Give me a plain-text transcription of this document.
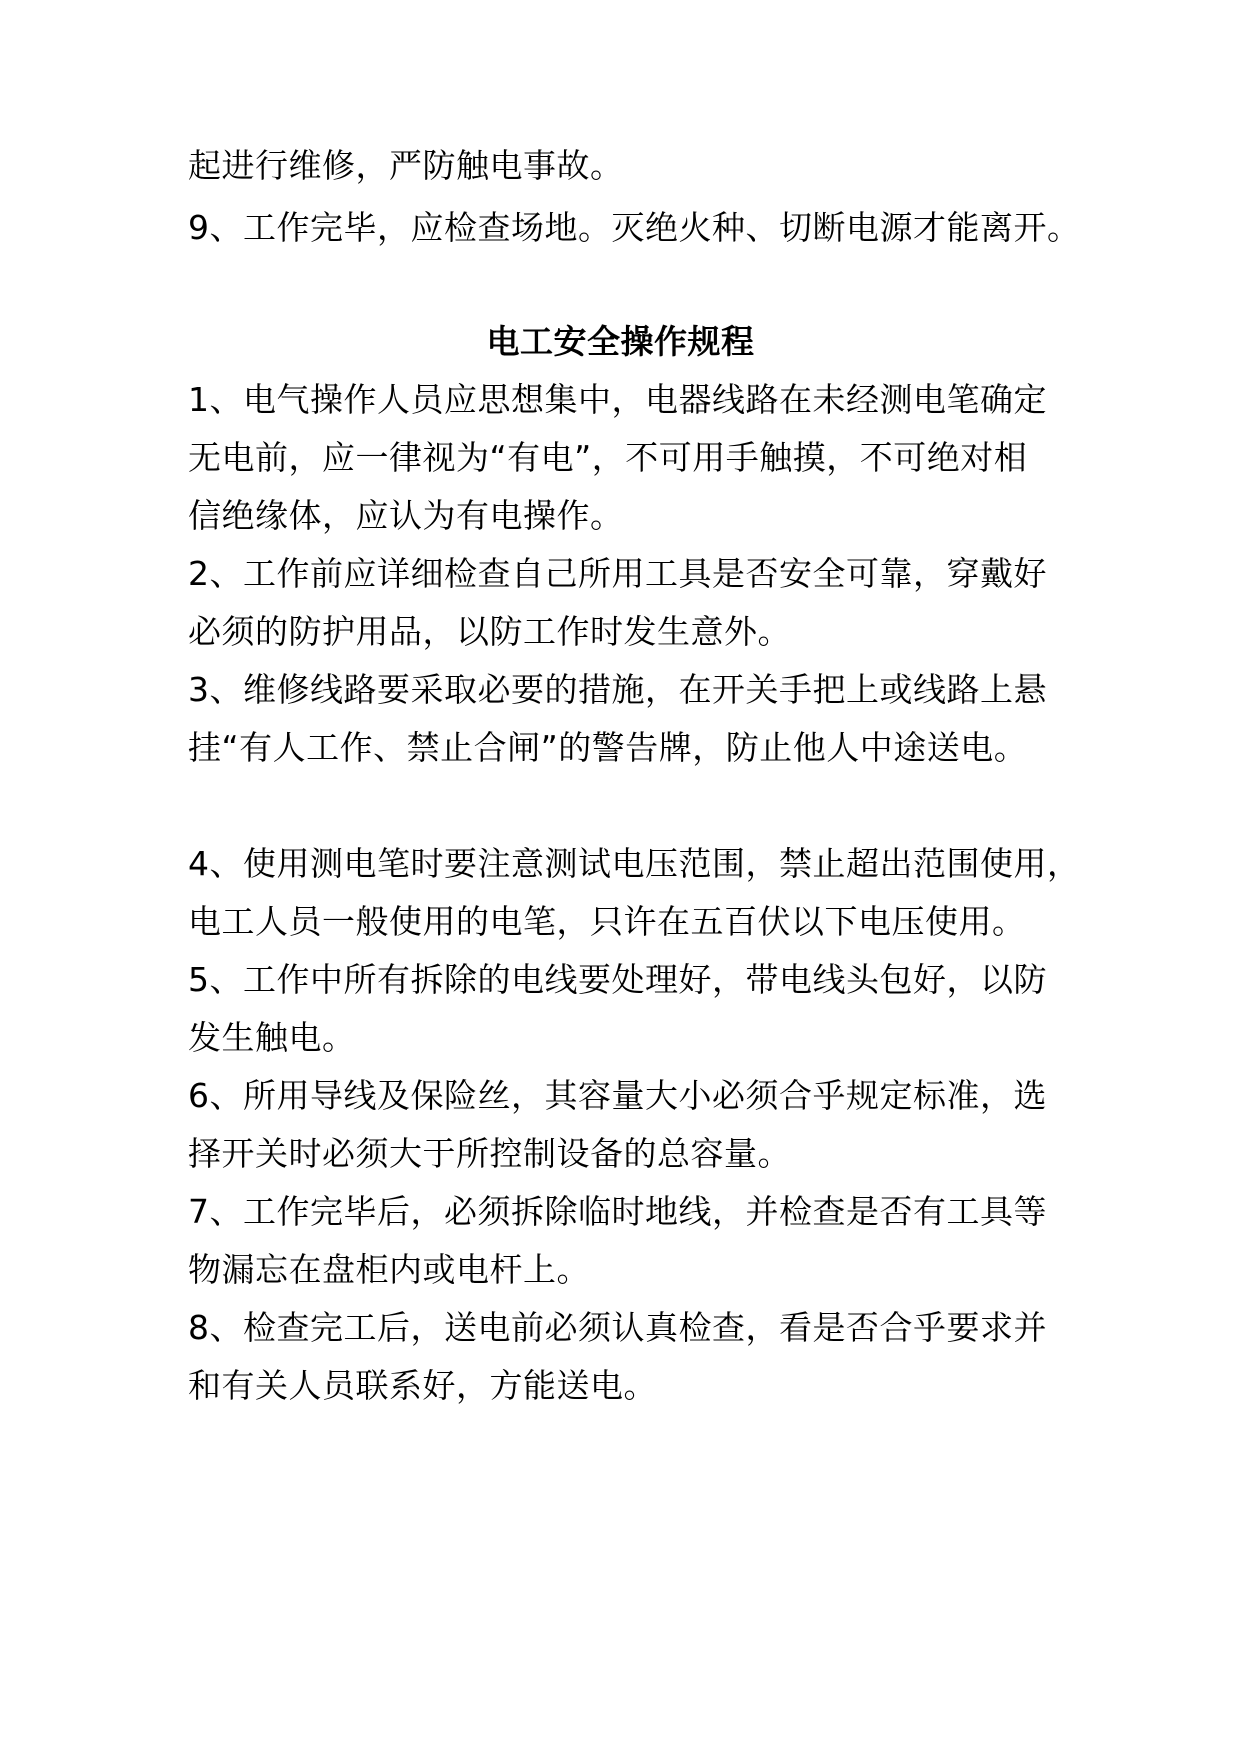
起进行维修，严防触电事故。

9、工作完毕，应检查场地。灭绝火种、切断电源才能离开。

电工安全操作规程

1、电气操作人员应思想集中，电器线路在未经测电笔确定

无电前，应一律视为“有电”，不可用手触摸，不可绝对相

信绝缘体，应认为有电操作。

2、工作前应详细检查自己所用工具是否安全可靠，穿戴好

必须的防护用品，以防工作时发生意外。

3、维修线路要采取必要的措施，在开关手把上或线路上悬

挂“有人工作、禁止合闸”的警告牌，防止他人中途送电。

4、使用测电笔时要注意测试电压范围，禁止超出范围使用，

电工人员一般使用的电笔，只许在五百伏以下电压使用。

5、工作中所有拆除的电线要处理好，带电线头包好，以防

发生触电。

6、所用导线及保险丝，其容量大小必须合乎规定标准，选

择开关时必须大于所控制设备的总容量。

7、工作完毕后，必须拆除临时地线，并检查是否有工具等

物漏忘在盘柜内或电杆上。

8、检查完工后，送电前必须认真检查，看是否合乎要求并

和有关人员联系好，方能送电。
